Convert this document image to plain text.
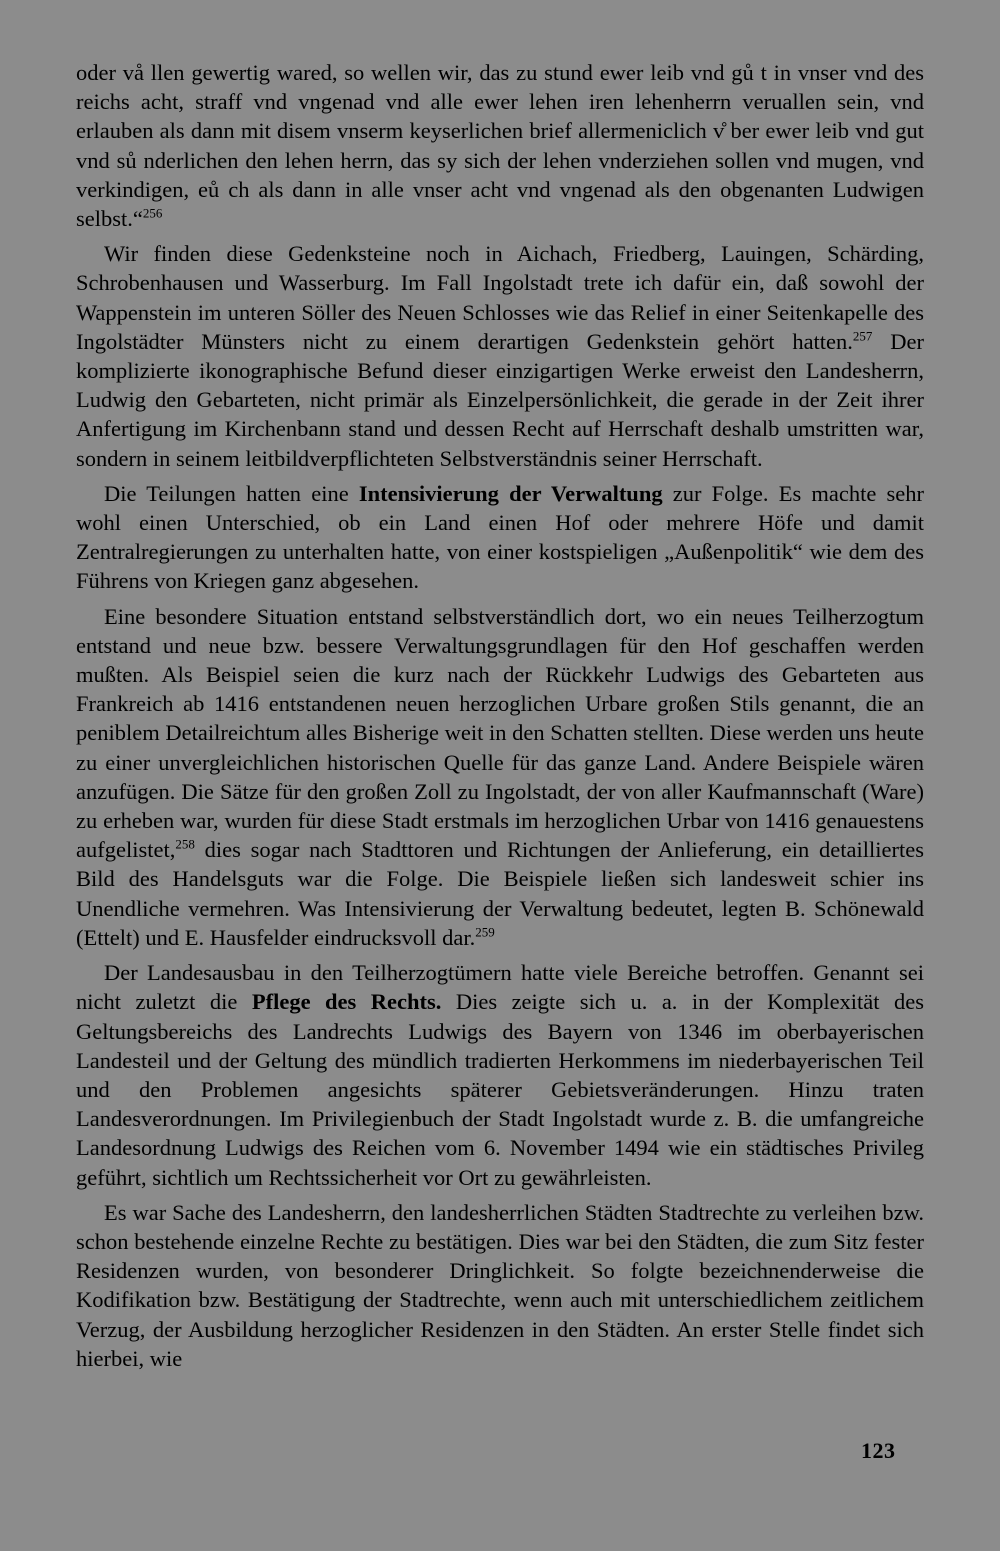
oder vå llen gewertig wared, so wellen wir, das zu stund ewer leib vnd gů t in vnser vnd des reichs acht, straff vnd vngenad vnd alle ewer lehen iren lehenherrn veruallen sein, vnd erlauben als dann mit disem vnserm keyserlichen brief allermeniclich v̊ ber ewer leib vnd gut vnd sů nderlichen den lehen herrn, das sy sich der lehen vnderziehen sollen vnd mugen, vnd verkindigen, eů ch als dann in alle vnser acht vnd vngenad als den obgenanten Ludwigen selbst.“$^{256}$

Wir finden diese Gedenksteine noch in Aichach, Friedberg, Lauingen, Schärding, Schrobenhausen und Wasserburg. Im Fall Ingolstadt trete ich dafür ein, daß sowohl der Wappenstein im unteren Söller des Neuen Schlosses wie das Relief in einer Seitenkapelle des Ingolstädter Münsters nicht zu einem derartigen Gedenkstein gehört hatten.$^{257}$ Der komplizierte ikonographische Befund dieser einzigartigen Werke erweist den Landesherrn, Ludwig den Gebarteten, nicht primär als Einzelpersönlichkeit, die gerade in der Zeit ihrer Anfertigung im Kirchenbann stand und dessen Recht auf Herrschaft deshalb umstritten war, sondern in seinem leitbildverpflichteten Selbstverständnis seiner Herrschaft.

Die Teilungen hatten eine Intensivierung der Verwaltung zur Folge. Es machte sehr wohl einen Unterschied, ob ein Land einen Hof oder mehrere Höfe und damit Zentralregierungen zu unterhalten hatte, von einer kostspieligen „Außenpolitik“ wie dem des Führens von Kriegen ganz abgesehen.

Eine besondere Situation entstand selbstverständlich dort, wo ein neues Teilherzogtum entstand und neue bzw. bessere Verwaltungsgrundlagen für den Hof geschaffen werden mußten. Als Beispiel seien die kurz nach der Rückkehr Ludwigs des Gebarteten aus Frankreich ab 1416 entstandenen neuen herzoglichen Urbare großen Stils genannt, die an peniblem Detailreichtum alles Bisherige weit in den Schatten stellten. Diese werden uns heute zu einer unvergleichlichen historischen Quelle für das ganze Land. Andere Beispiele wären anzufügen. Die Sätze für den großen Zoll zu Ingolstadt, der von aller Kaufmannschaft (Ware) zu erheben war, wurden für diese Stadt erstmals im herzoglichen Urbar von 1416 genauestens aufgelistet,$^{258}$ dies sogar nach Stadttoren und Richtungen der Anlieferung, ein detailliertes Bild des Handelsguts war die Folge. Die Beispiele ließen sich landesweit schier ins Unendliche vermehren. Was Intensivierung der Verwaltung bedeutet, legten B. Schönewald (Ettelt) und E. Hausfelder eindrucksvoll dar.$^{259}$

Der Landesausbau in den Teilherzogtümern hatte viele Bereiche betroffen. Genannt sei nicht zuletzt die Pflege des Rechts. Dies zeigte sich u. a. in der Komplexität des Geltungsbereichs des Landrechts Ludwigs des Bayern von 1346 im oberbayerischen Landesteil und der Geltung des mündlich tradierten Herkommens im niederbayerischen Teil und den Problemen angesichts späterer Gebietsveränderungen. Hinzu traten Landesverordnungen. Im Privilegienbuch der Stadt Ingolstadt wurde z. B. die umfangreiche Landesordnung Ludwigs des Reichen vom 6. November 1494 wie ein städtisches Privileg geführt, sichtlich um Rechtssicherheit vor Ort zu gewährleisten.

Es war Sache des Landesherrn, den landesherrlichen Städten Stadtrechte zu verleihen bzw. schon bestehende einzelne Rechte zu bestätigen. Dies war bei den Städten, die zum Sitz fester Residenzen wurden, von besonderer Dringlichkeit. So folgte bezeichnenderweise die Kodifikation bzw. Bestätigung der Stadtrechte, wenn auch mit unterschiedlichem zeitlichem Verzug, der Ausbildung herzoglicher Residenzen in den Städten. An erster Stelle findet sich hierbei, wie

123
